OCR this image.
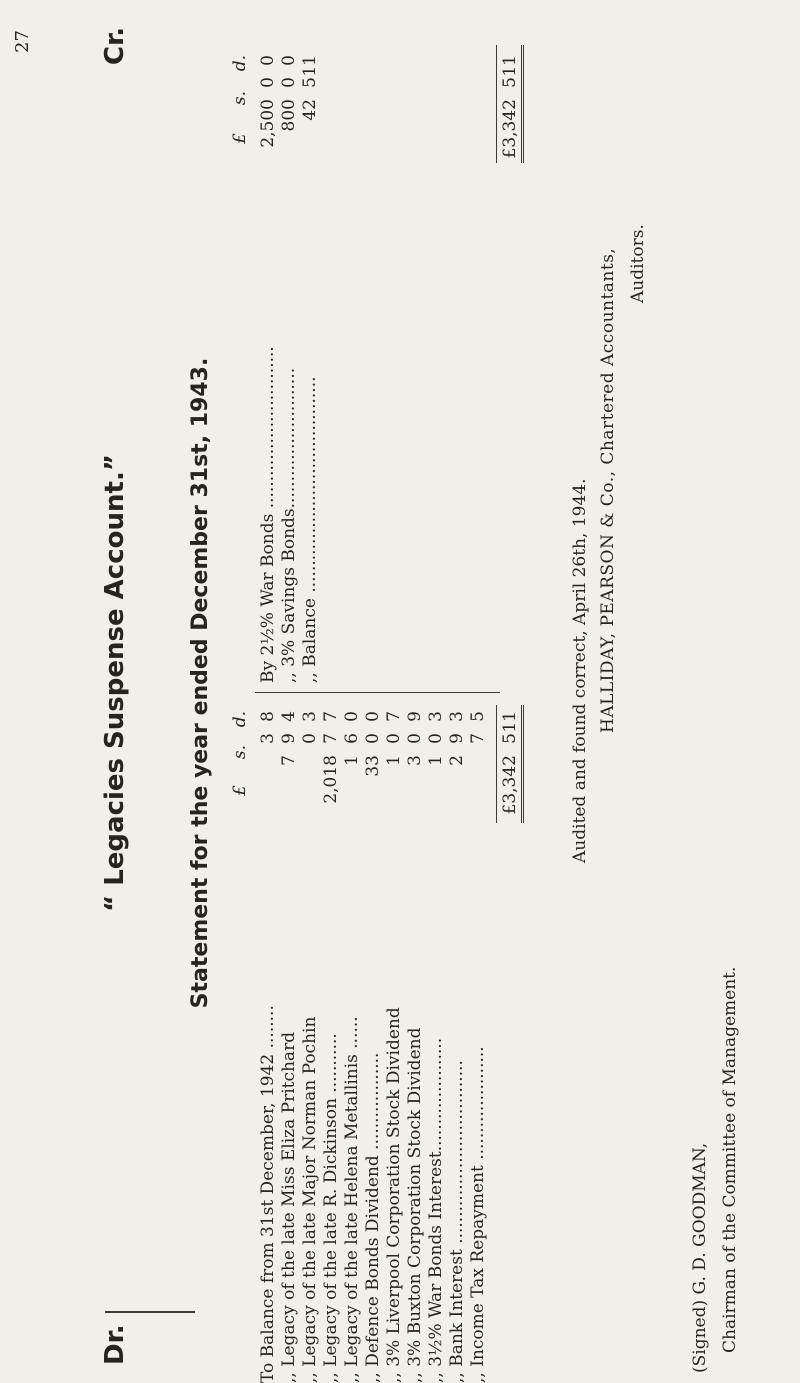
27
Dr.
“ Legacies Suspense Account.”
Cr.
Statement for the year ended December 31st, 1943. £
s.
d.
To Balance from 31st December, 1942 ........
3
8
,, Legacy of the late Miss Eliza Pritchard
7
9
4
,, Legacy of the late Major Norman Pochin
0
3
,, Legacy of the late R. Dickinson ...........
2,018
7
7
,, Legacy of the late Helena Metallinis ......
1
6
0
,, Defence Bonds Dividend ..................
33
0
0
,, 3% Liverpool Corporation Stock Dividend
1
0
7
,, 3% Buxton Corporation Stock Dividend
3
0
9
,, 3½% War Bonds Interest.....................
1
0
3
,, Bank Interest ..................................
2
9
3
,, Income Tax Repayment .....................
7
5
£3,342
5
11
£
s.
d.
By 2½% War Bonds ..............................
2,500
0
0
,, 3% Savings Bonds..........................
800
0
0
,, Balance ........................................
42
5
11
£3,342
5
11
Audited and found correct, April 26th, 1944. HALLIDAY, PEARSON & Co., Chartered Accountants, Auditors.
(Signed) G. D. GOODMAN, Chairman of the Committee of Management.
